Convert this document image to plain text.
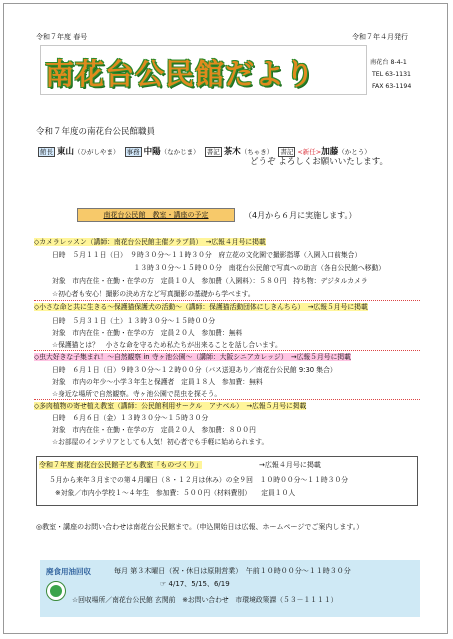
令和７年度 春号	令和７年４月発行
南花台公民館だより	南花台 8-4-1
TEL 63-1131
FAX 63-1194
令和７年度の南花台公民館職員
館長 東山（ひがしやま） 事務 中陽（なかじま） 書記 茶木（ちゃき） 書記 <新任>加藤（かとう）
どうぞ よろしくお願いいたします。
南花台公民館　教室・講座の予定	（4月から６月に実施します。）
◇カメラレッスン（講師：南花台公民館主催クラブ員）　→広報４月号に掲載
日時　５月１１日（日）　９時３０分～１１時３０分　府立花の文化園で撮影指導（入園入口前集合）
　　　　　　　　　　　　１３時３０分～１５時００分　南花台公民館で写真への助言（各自公民館へ移動）
対象　市内在住・在勤・在学の方　定員１０人　参加費（入園料）：５８０円　持ち物：デジタルカメラ
☆初心者も安心！撮影の決め方など写真撮影の基礎から学べます。
◇小さな命と共に生きる～保護猫保護犬の活動～（講師：保護猫活動団体にしきんちら）　→広報５月号に掲載
日時　５月３１日（土）１３時３０分～１５時００分
対象　市内在住・在勤・在学の方　定員２０人　参加費：無料
☆保護猫とは？　小さな命を守るため私たちが出来ることを話し合います。
◇虫大好きな子集まれ！～自然観察 in 寺ヶ池公園～（講師：大阪シニアカレッジ）　→広報５月号に掲載
日時　６月１日（日）９時３０分～１２時００分（バス送迎あり／南花台公民館 9:30 集合）
対象　市内の年少～小学３年生と保護者　定員１８人　参加費：無料
☆身近な場所で自然観察。寺ヶ池公園で昆虫を探そう。
◇多肉植物の寄せ植え教室（講師：公民館利用サークル　アナベル）　→広報５月号に掲載
日時　６月６日（金）１３時３０分～１５時３０分
対象　市内在住・在勤・在学の方　定員２０人　参加費：８００円
☆お部屋のインテリアとしても人気！初心者でも手軽に始められます。
令和７年度 南花台公民館子ども教室「ものづくり」	→広報４月号に掲載
５月から来年３月までの第４月曜日（８・１２月は休み）の全９回　１０時００分～１１時３０分
※対象／市内小学校１～４年生　参加費：５００円（材料費別）　　定員１０人
◎教室・講座のお問い合わせは南花台公民館まで。（申込開始日は広報、ホームページでご案内します。）
廃食用油回収	毎月 第３木曜日（祝・休日は原則営業）　午前１０時００分～１１時３０分
☞ 4/17、5/15、6/19
☆回収場所／南花台公民館 玄関前　※お問い合わせ　市環境政策課（５３－１１１１）
